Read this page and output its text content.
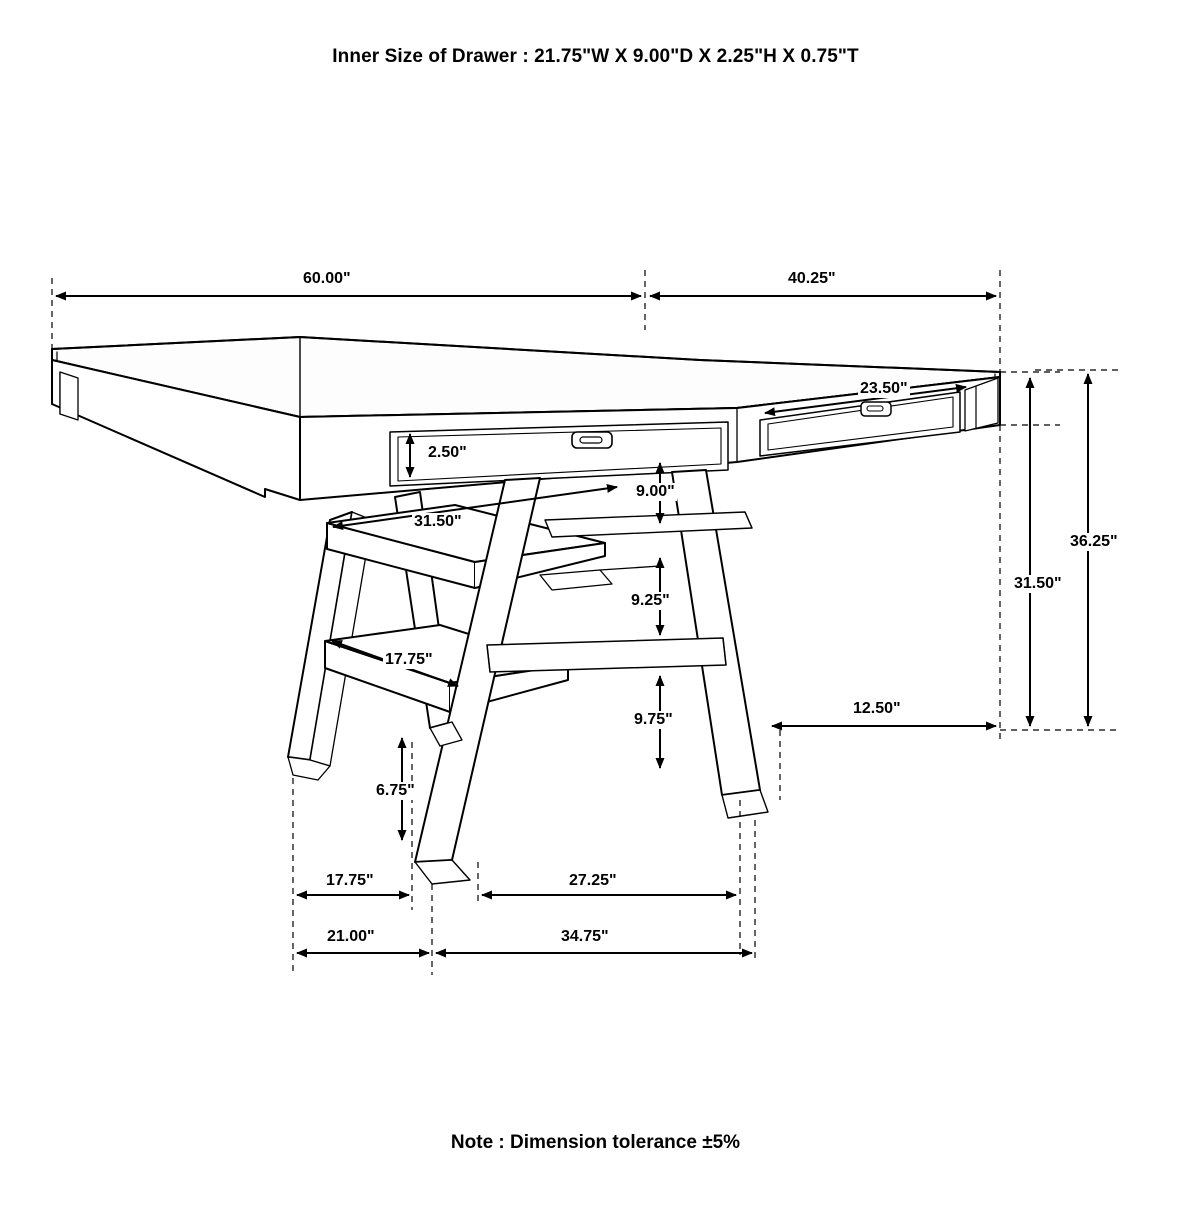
Inner Size of Drawer : 21.75"W X 9.00"D X 2.25"H X 0.75"T
60.00"	40.25"
23.50"
2.50"
31.50"
9.00"
9.25"
17.75"
9.75"
6.75"
12.50"
31.50"
36.25"
17.75"	27.25"
21.00"	34.75"
Note : Dimension tolerance ±5%
